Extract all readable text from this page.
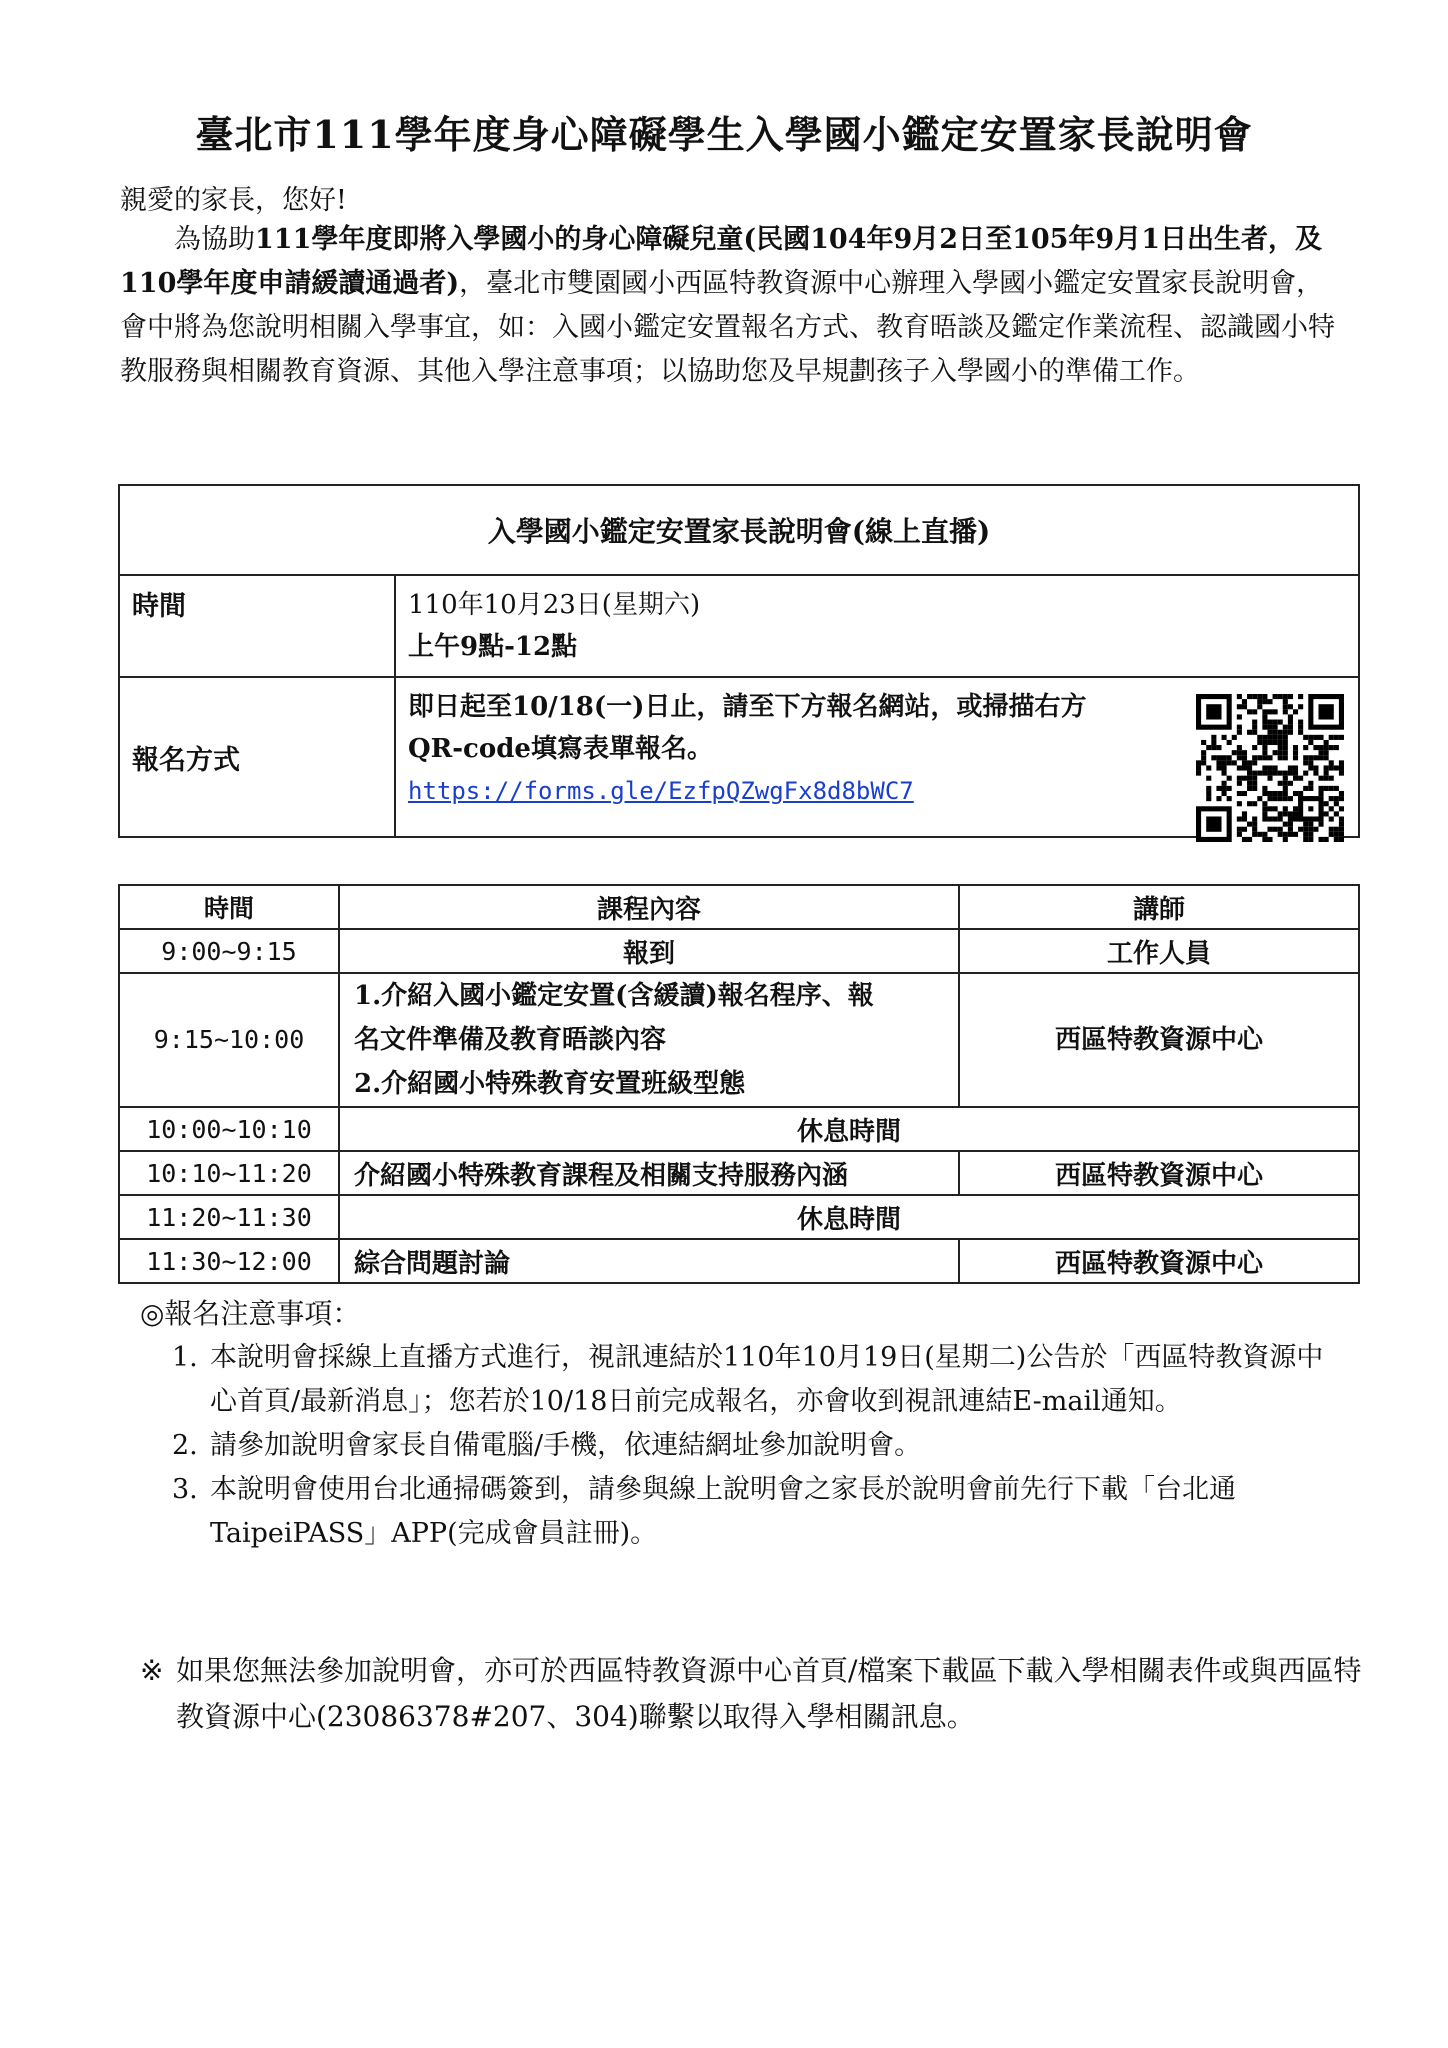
臺北市111學年度身心障礙學生入學國小鑑定安置家長說明會
親愛的家長，您好!
為協助111學年度即將入學國小的身心障礙兒童(民國104年9月2日至105年9月1日出生者，及110學年度申請緩讀通過者)，臺北市雙園國小西區特教資源中心辦理入學國小鑑定安置家長說明會，會中將為您說明相關入學事宜，如：入國小鑑定安置報名方式、教育晤談及鑑定作業流程、認識國小特教服務與相關教育資源、其他入學注意事項；以協助您及早規劃孩子入學國小的準備工作。
入學國小鑑定安置家長說明會(線上直播)	
時間	110年10月23日(星期六)
上午9點-12點

報名方式	即日起至10/18(一)日止，請至下方報名網站，或掃描右方
QR-code填寫表單報名。
https://forms.gle/EzfpQZwgFx8d8bWC7
時間	課程內容	講師
9:00~9:15	報到	工作人員
9:15~10:00	1.介紹入國小鑑定安置(含緩讀)報名程序、報
名文件準備及教育晤談內容
2.介紹國小特殊教育安置班級型態	西區特教資源中心
10:00~10:10	休息時間	
10:10~11:20	介紹國小特殊教育課程及相關支持服務內涵	西區特教資源中心
11:20~11:30	休息時間	
11:30~12:00	綜合問題討論	西區特教資源中心
◎報名注意事項：
1. 本說明會採線上直播方式進行，視訊連結於110年10月19日(星期二)公告於「西區特教資源中心首頁/最新消息」；您若於10/18日前完成報名，亦會收到視訊連結E-mail通知。
2. 請參加說明會家長自備電腦/手機，依連結網址參加說明會。
3. 本說明會使用台北通掃碼簽到，請參與線上說明會之家長於說明會前先行下載「台北通TaipeiPASS」APP(完成會員註冊)。
※ 如果您無法參加說明會，亦可於西區特教資源中心首頁/檔案下載區下載入學相關表件或與西區特教資源中心(23086378#207、304)聯繫以取得入學相關訊息。
